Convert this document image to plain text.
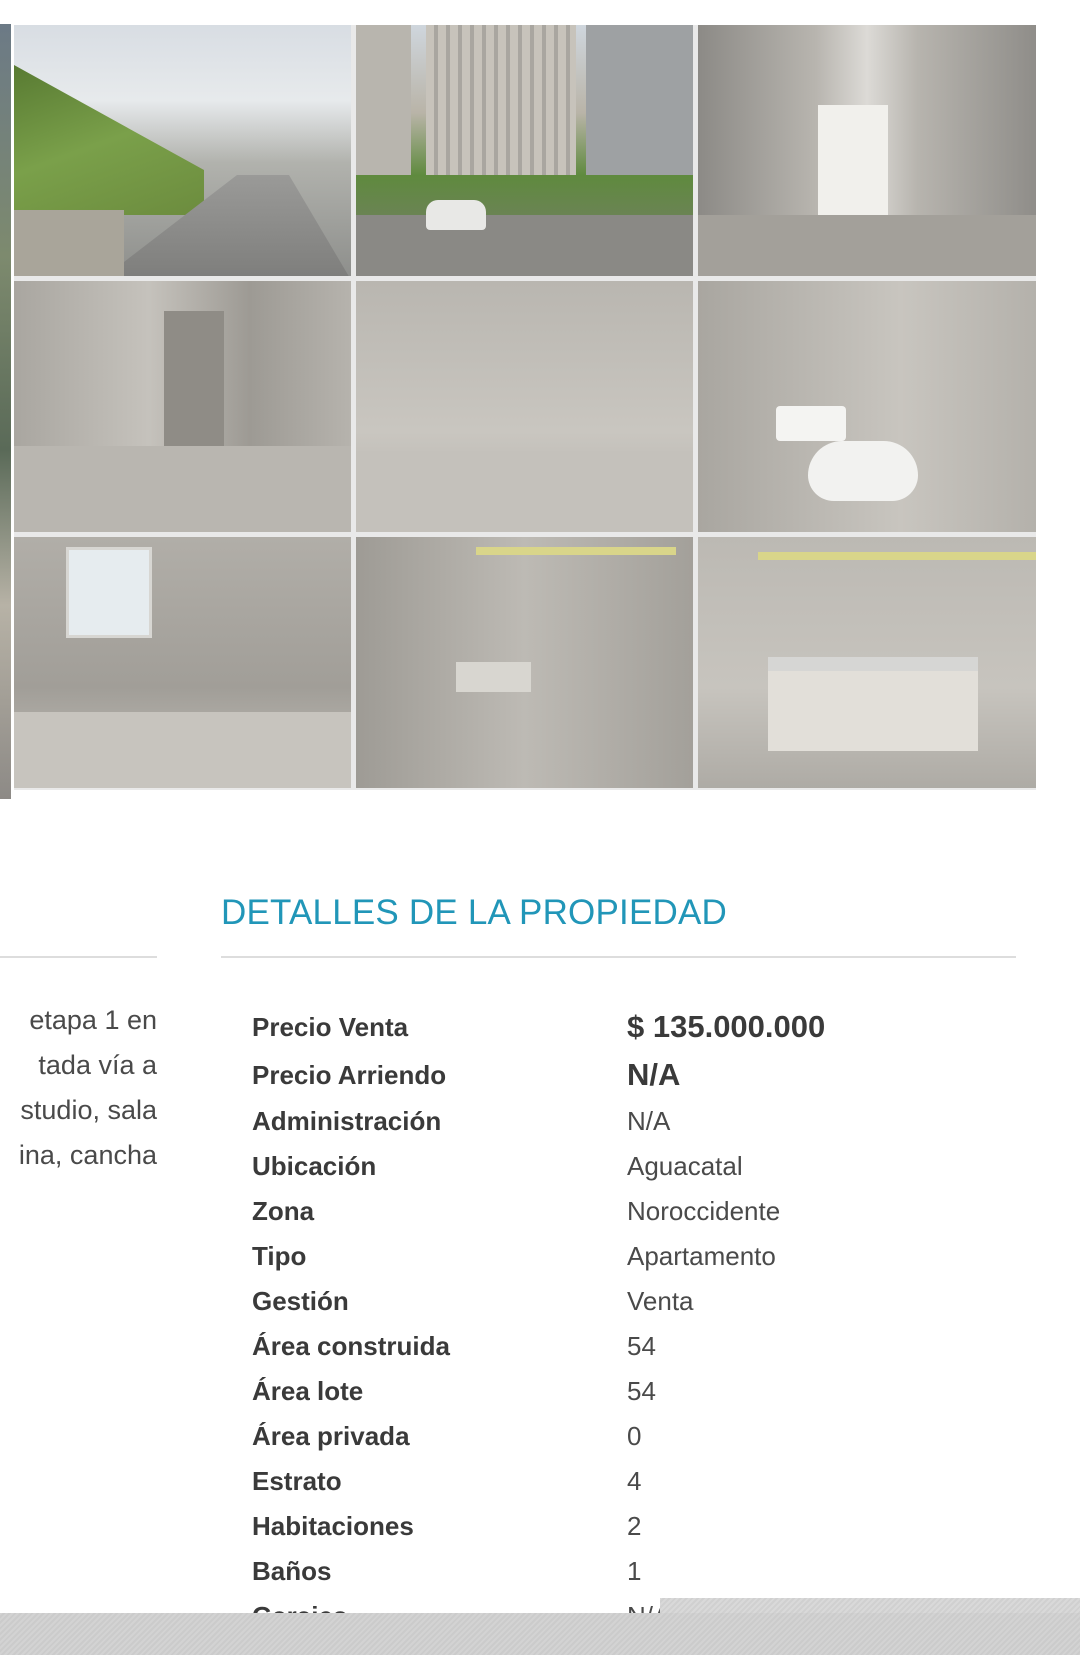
etapa 1 en
tada vía a
studio, sala
ina, cancha
DETALLES DE LA PROPIEDAD
Precio Venta	$ 135.000.000
Precio Arriendo	N/A
Administración	N/A
Ubicación	Aguacatal
Zona	Noroccidente
Tipo	Apartamento
Gestión	Venta
Área construida	54
Área lote	54
Área privada	0
Estrato	4
Habitaciones	2
Baños	1
